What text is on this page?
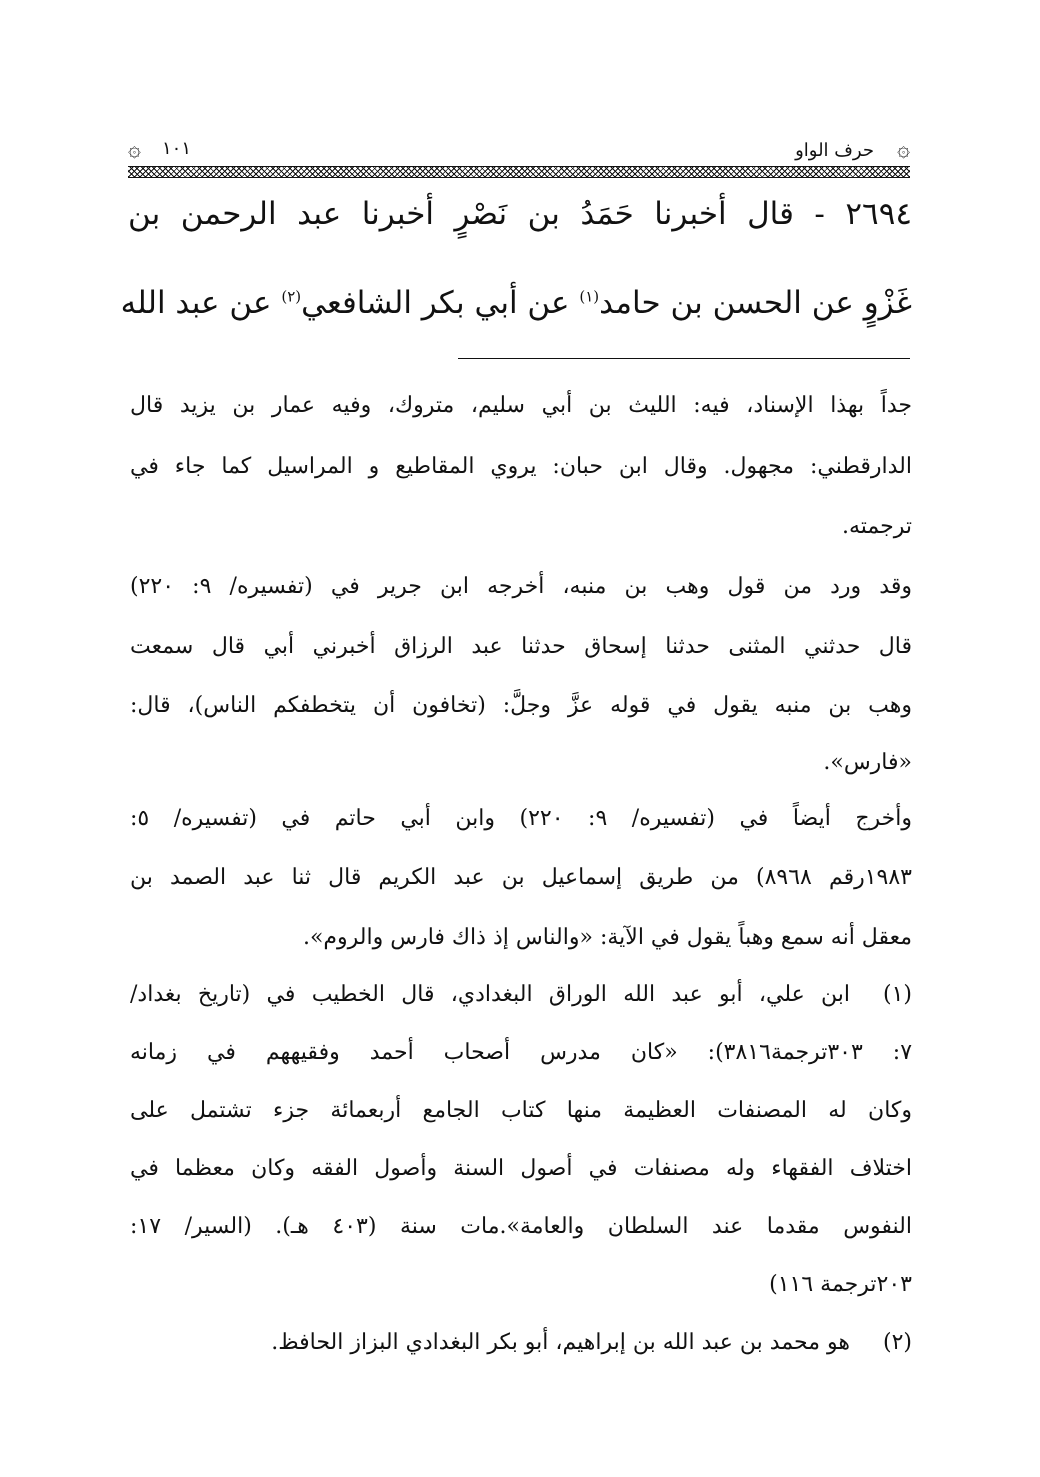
۞
حرف الواو
١٠١
۞
٢٦٩٤ - قال أخبرنا حَمَدُ بن نَصْرٍ أخبرنا عبد الرحمن بن
غَزْوٍ عن الحسن بن حامد$^{(١)}$ عن أبي بكر الشافعي$^{(٢)}$ عن عبد الله
جداً بهذا الإسناد، فيه: الليث بن أبي سليم، متروك، وفيه عمار بن يزيد قال
الدارقطني: مجهول. وقال ابن حبان: يروي المقاطيع و المراسيل كما جاء في
ترجمته.
وقد ورد من قول وهب بن منبه، أخرجه ابن جرير في (تفسيره/ ٩: ٢٢٠)
قال حدثني المثنى حدثنا إسحاق حدثنا عبد الرزاق أخبرني أبي قال سمعت
وهب بن منبه يقول في قوله عزَّ وجلَّ: (تخافون أن يتخطفكم الناس)، قال:
«فارس».
وأخرج أيضاً في (تفسيره/ ٩: ٢٢٠) وابن أبي حاتم في (تفسيره/ ٥:
١٩٨٣رقم ٨٩٦٨) من طريق إسماعيل بن عبد الكريم قال ثنا عبد الصمد بن
معقل أنه سمع وهباً يقول في الآية: «والناس إذ ذاك فارس والروم».
(١)
ابن علي، أبو عبد الله الوراق البغدادي، قال الخطيب في (تاريخ بغداد/
٧: ٣٠٣ترجمة٣٨١٦): «كان مدرس أصحاب أحمد وفقيههم في زمانه
وكان له المصنفات العظيمة منها كتاب الجامع أربعمائة جزء تشتمل على
اختلاف الفقهاء وله مصنفات في أصول السنة وأصول الفقه وكان معظما في
النفوس مقدما عند السلطان والعامة».مات سنة (٤٠٣ هـ). (السير/ ١٧:
٢٠٣ترجمة ١١٦)
(٢)
هو محمد بن عبد الله بن إبراهيم، أبو بكر البغدادي البزاز الحافظ.
